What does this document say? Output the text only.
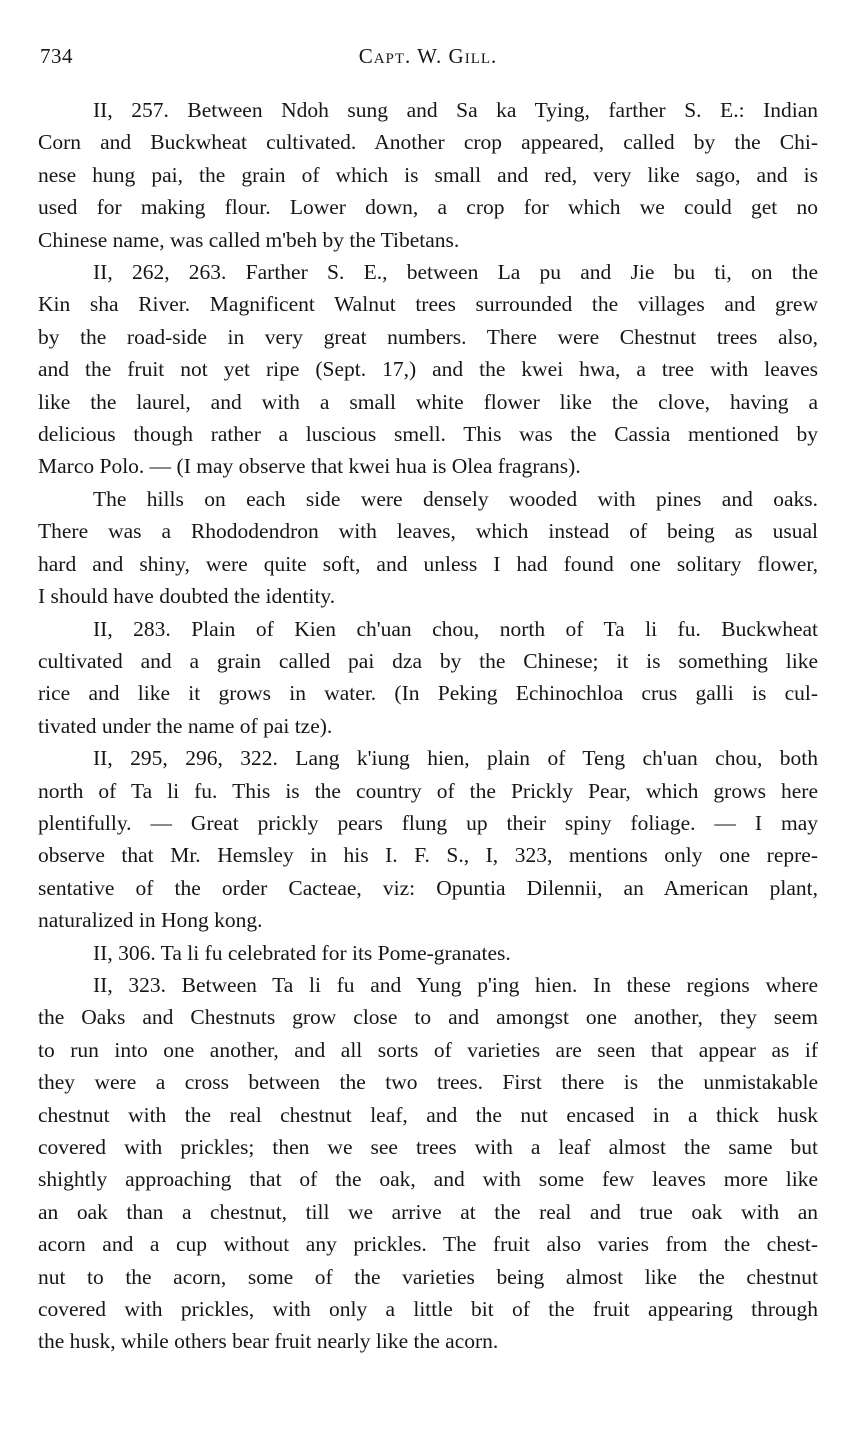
734	Capt. W. Gill.

II, 257. Between Ndoh sung and Sa ka Tying, farther S. E.: Indian
Corn and Buckwheat cultivated. Another crop appeared, called by the Chi-
nese hung pai, the grain of which is small and red, very like sago, and is
used for making flour. Lower down, a crop for which we could get no
Chinese name, was called m'beh by the Tibetans.

II, 262, 263. Farther S. E., between La pu and Jie bu ti, on the
Kin sha River. Magnificent Walnut trees surrounded the villages and grew
by the road-side in very great numbers. There were Chestnut trees also,
and the fruit not yet ripe (Sept. 17,) and the kwei hwa, a tree with leaves
like the laurel, and with a small white flower like the clove, having a
delicious though rather a luscious smell. This was the Cassia mentioned by
Marco Polo. — (I may observe that kwei hua is Olea fragrans).

The hills on each side were densely wooded with pines and oaks.
There was a Rhododendron with leaves, which instead of being as usual
hard and shiny, were quite soft, and unless I had found one solitary flower,
I should have doubted the identity.

II, 283. Plain of Kien ch'uan chou, north of Ta li fu. Buckwheat
cultivated and a grain called pai dza by the Chinese; it is something like
rice and like it grows in water. (In Peking Echinochloa crus galli is cul-
tivated under the name of pai tze).

II, 295, 296, 322. Lang k'iung hien, plain of Teng ch'uan chou, both
north of Ta li fu. This is the country of the Prickly Pear, which grows here
plentifully. — Great prickly pears flung up their spiny foliage. — I may
observe that Mr. Hemsley in his I. F. S., I, 323, mentions only one repre-
sentative of the order Cacteae, viz: Opuntia Dilennii, an American plant,
naturalized in Hong kong.

II, 306. Ta li fu celebrated for its Pome-granates.

II, 323. Between Ta li fu and Yung p'ing hien. In these regions where
the Oaks and Chestnuts grow close to and amongst one another, they seem
to run into one another, and all sorts of varieties are seen that appear as if
they were a cross between the two trees. First there is the unmistakable
chestnut with the real chestnut leaf, and the nut encased in a thick husk
covered with prickles; then we see trees with a leaf almost the same but
shightly approaching that of the oak, and with some few leaves more like
an oak than a chestnut, till we arrive at the real and true oak with an
acorn and a cup without any prickles. The fruit also varies from the chest-
nut to the acorn, some of the varieties being almost like the chestnut
covered with prickles, with only a little bit of the fruit appearing through
the husk, while others bear fruit nearly like the acorn.
